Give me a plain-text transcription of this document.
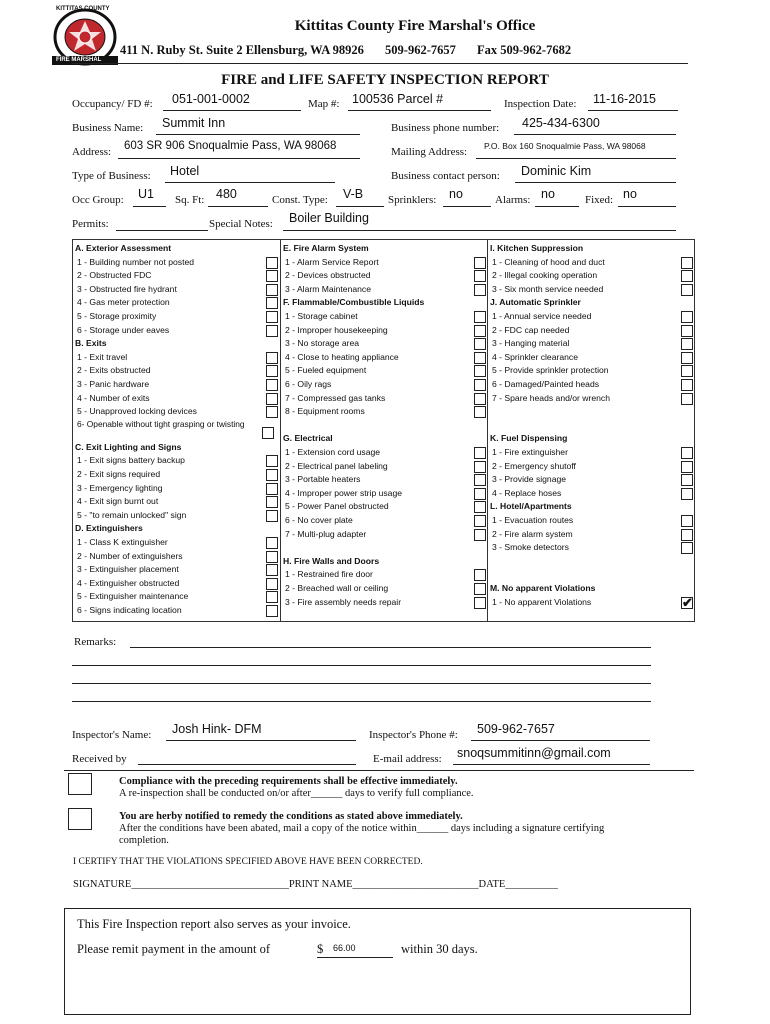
KITTITAS COUNTY
FIRE MARSHAL
Kittitas County Fire Marshal's Office
411 N. Ruby St. Suite 2 Ellensburg, WA 98926 509-962-7657 Fax 509-962-7682
FIRE and LIFE SAFETY INSPECTION REPORT
Occupancy/ FD #: 051-001-0002	Map #: 100536 Parcel #	Inspection Date: 11-16-2015
Business Name: Summit Inn	Business phone number: 425-434-6300
Address: 603 SR 906 Snoqualmie Pass, WA 98068	Mailing Address: P.O. Box 160 Snoqualmie Pass, WA 98068
Type of Business: Hotel	Business contact person: Dominic Kim
Occ Group: U1 Sq. Ft: 480	Const. Type: V-B Sprinklers: no	Alarms: no	Fixed: no
Permits:	Special Notes: Boiler Building
A. Exterior Assessment
1 - Building number not posted
2 - Obstructed FDC
3 - Obstructed fire hydrant
4 - Gas meter protection
5 - Storage proximity
6 - Storage under eaves
B. Exits
1 - Exit travel
2 - Exits obstructed
3 - Panic hardware
4 - Number of exits
5 - Unapproved locking devices
6- Openable without tight grasping or twisting
C. Exit Lighting and Signs
1 - Exit signs battery backup
2 - Exit signs required
3 - Emergency lighting
4 - Exit sign burnt out
5 - "to remain unlocked" sign
D. Extinguishers
1 - Class K extinguisher
2 - Number of extinguishers
3 - Extinguisher placement
4 - Extinguisher obstructed
5 - Extinguisher maintenance
6 - Signs indicating location
E. Fire Alarm System
1 - Alarm Service Report
2 - Devices obstructed
3 - Alarm Maintenance
F. Flammable/Combustible Liquids
1 - Storage cabinet
2 - Improper housekeeping
3 - No storage area
4 - Close to heating appliance
5 - Fueled equipment
6 - Oily rags
7 - Compressed gas tanks
8 - Equipment rooms
G. Electrical
1 - Extension cord usage
2 - Electrical panel labeling
3 - Portable heaters
4 - Improper power strip usage
5 - Power Panel obstructed
6 - No cover plate
7 - Multi-plug adapter
H. Fire Walls and Doors
1 - Restrained fire door
2 - Breached wall or ceiling
3 - Fire assembly needs repair
I. Kitchen Suppression
1 - Cleaning of hood and duct
2 - Illegal cooking operation
3 - Six month service needed
J. Automatic Sprinkler
1 - Annual service needed
2 - FDC cap needed
3 - Hanging material
4 - Sprinkler clearance
5 - Provide sprinkler protection
6 - Damaged/Painted heads
7 - Spare heads and/or wrench
K. Fuel Dispensing
1 - Fire extinguisher
2 - Emergency shutoff
3 - Provide signage
4 - Replace hoses
L. Hotel/Apartments
1 - Evacuation routes
2 - Fire alarm system
3 - Smoke detectors
M. No apparent Violations
1 - No apparent Violations	✔
Remarks:
Inspector's Name: Josh Hink- DFM	Inspector's Phone #: 509-962-7657
Received by	E-mail address: snoqsummitinn@gmail.com
Compliance with the preceding requirements shall be effective immediately.
A re-inspection shall be conducted on/or after______ days to verify full compliance.
You are herby notified to remedy the conditions as stated above immediately.
After the conditions have been abated, mail a copy of the notice within______ days including a signature certifying
completion.
I CERTIFY THAT THE VIOLATIONS SPECIFIED ABOVE HAVE BEEN CORRECTED.
SIGNATURE______________________________PRINT NAME________________________DATE__________
This Fire Inspection report also serves as your invoice.
Please remit payment in the amount of	$ 66.00	within 30 days.
